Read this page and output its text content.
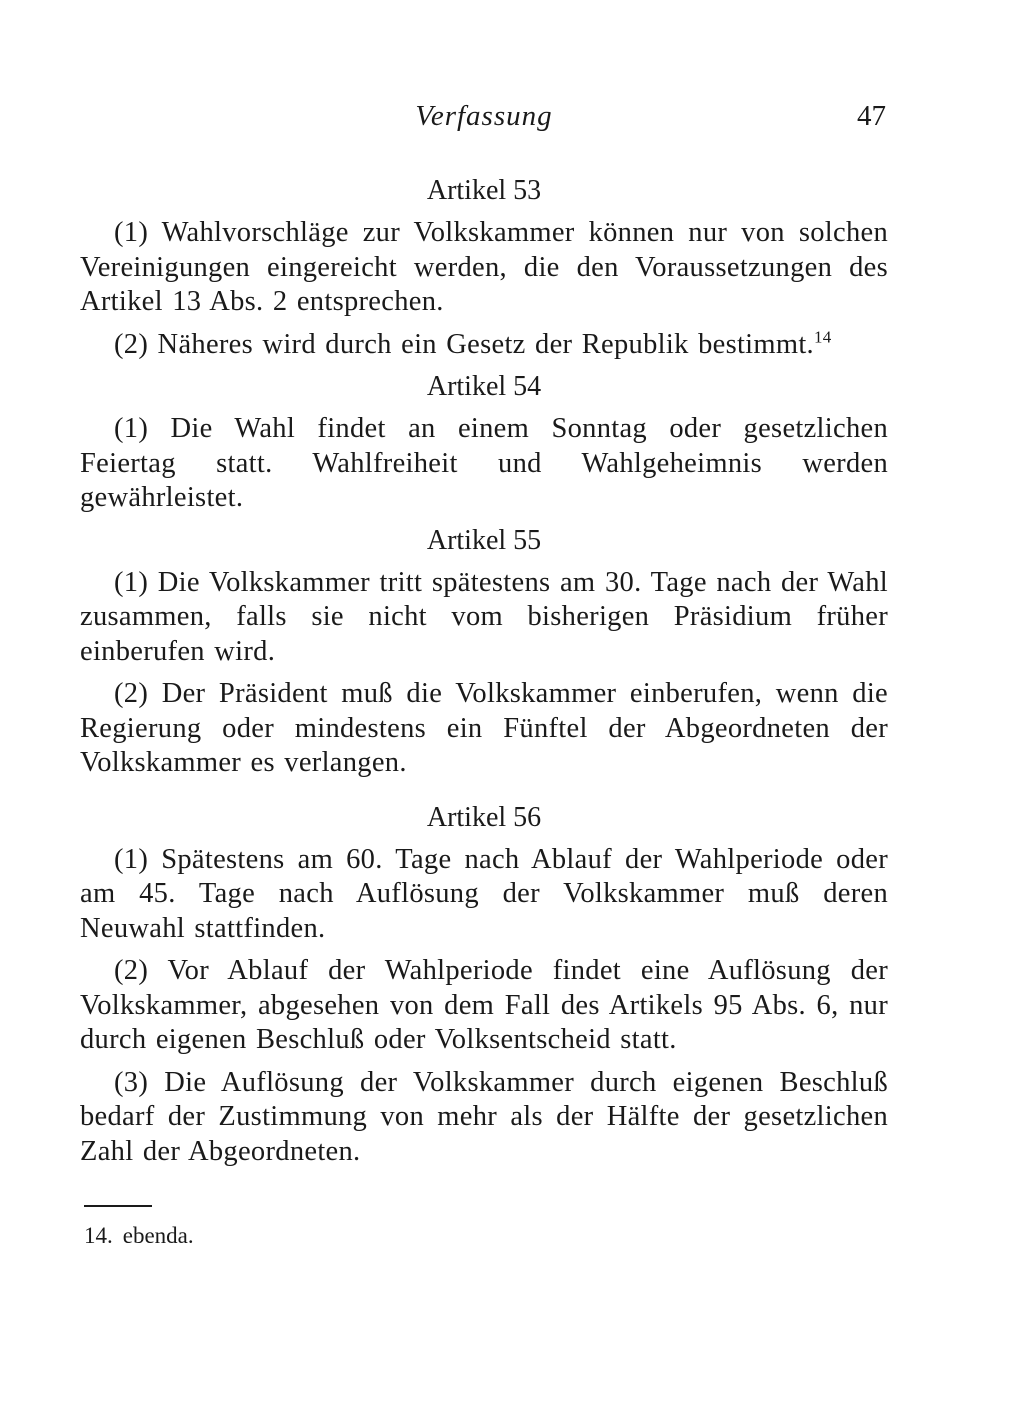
Verfassung	47
Artikel 53

(1) Wahlvorschläge zur Volkskammer können nur von solchen Vereinigungen eingereicht werden, die den Voraussetzungen des Artikel 13 Abs. 2 entsprechen.

(2) Näheres wird durch ein Gesetz der Republik bestimmt.$^{14}$

Artikel 54

(1) Die Wahl findet an einem Sonntag oder gesetzlichen Feiertag statt. Wahlfreiheit und Wahlgeheimnis werden gewährleistet.

Artikel 55

(1) Die Volkskammer tritt spätestens am 30. Tage nach der Wahl zusammen, falls sie nicht vom bisherigen Präsidium früher einberufen wird.

(2) Der Präsident muß die Volkskammer einberufen, wenn die Regierung oder mindestens ein Fünftel der Abgeordneten der Volkskammer es verlangen.

Artikel 56

(1) Spätestens am 60. Tage nach Ablauf der Wahlperiode oder am 45. Tage nach Auflösung der Volkskammer muß deren Neuwahl stattfinden.

(2) Vor Ablauf der Wahlperiode findet eine Auflösung der Volkskammer, abgesehen von dem Fall des Artikels 95 Abs. 6, nur durch eigenen Beschluß oder Volksentscheid statt.

(3) Die Auflösung der Volkskammer durch eigenen Beschluß bedarf der Zustimmung von mehr als der Hälfte der gesetzlichen Zahl der Abgeordneten.

14. ebenda.
